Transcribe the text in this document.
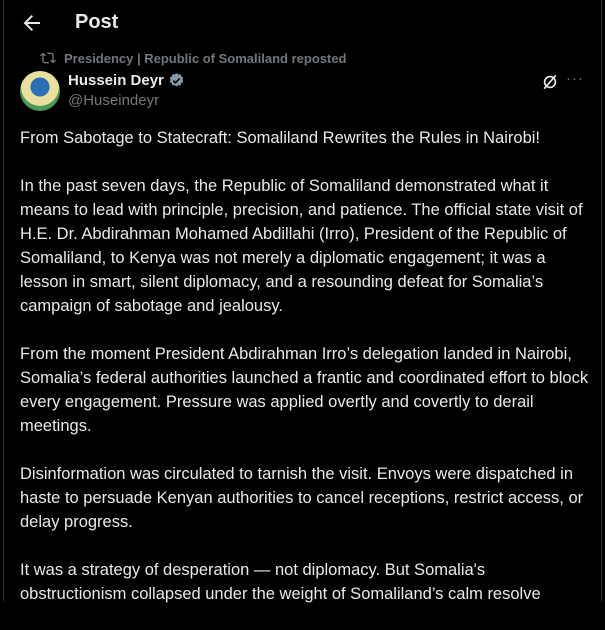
Post
Presidency | Republic of Somaliland reposted
Hussein Deyr
@Huseindeyr
···

From Sabotage to Statecraft: Somaliland Rewrites the Rules in Nairobi!

In the past seven days, the Republic of Somaliland demonstrated what it means to lead with principle, precision, and patience. The official state visit of H.E. Dr. Abdirahman Mohamed Abdillahi (Irro), President of the Republic of Somaliland, to Kenya was not merely a diplomatic engagement; it was a lesson in smart, silent diplomacy, and a resounding defeat for Somalia’s campaign of sabotage and jealousy.

From the moment President Abdirahman Irro’s delegation landed in Nairobi, Somalia’s federal authorities launched a frantic and coordinated effort to block every engagement. Pressure was applied overtly and covertly to derail meetings.

Disinformation was circulated to tarnish the visit. Envoys were dispatched in haste to persuade Kenyan authorities to cancel receptions, restrict access, or delay progress.

It was a strategy of desperation — not diplomacy. But Somalia's obstructionism collapsed under the weight of Somaliland’s calm resolve
